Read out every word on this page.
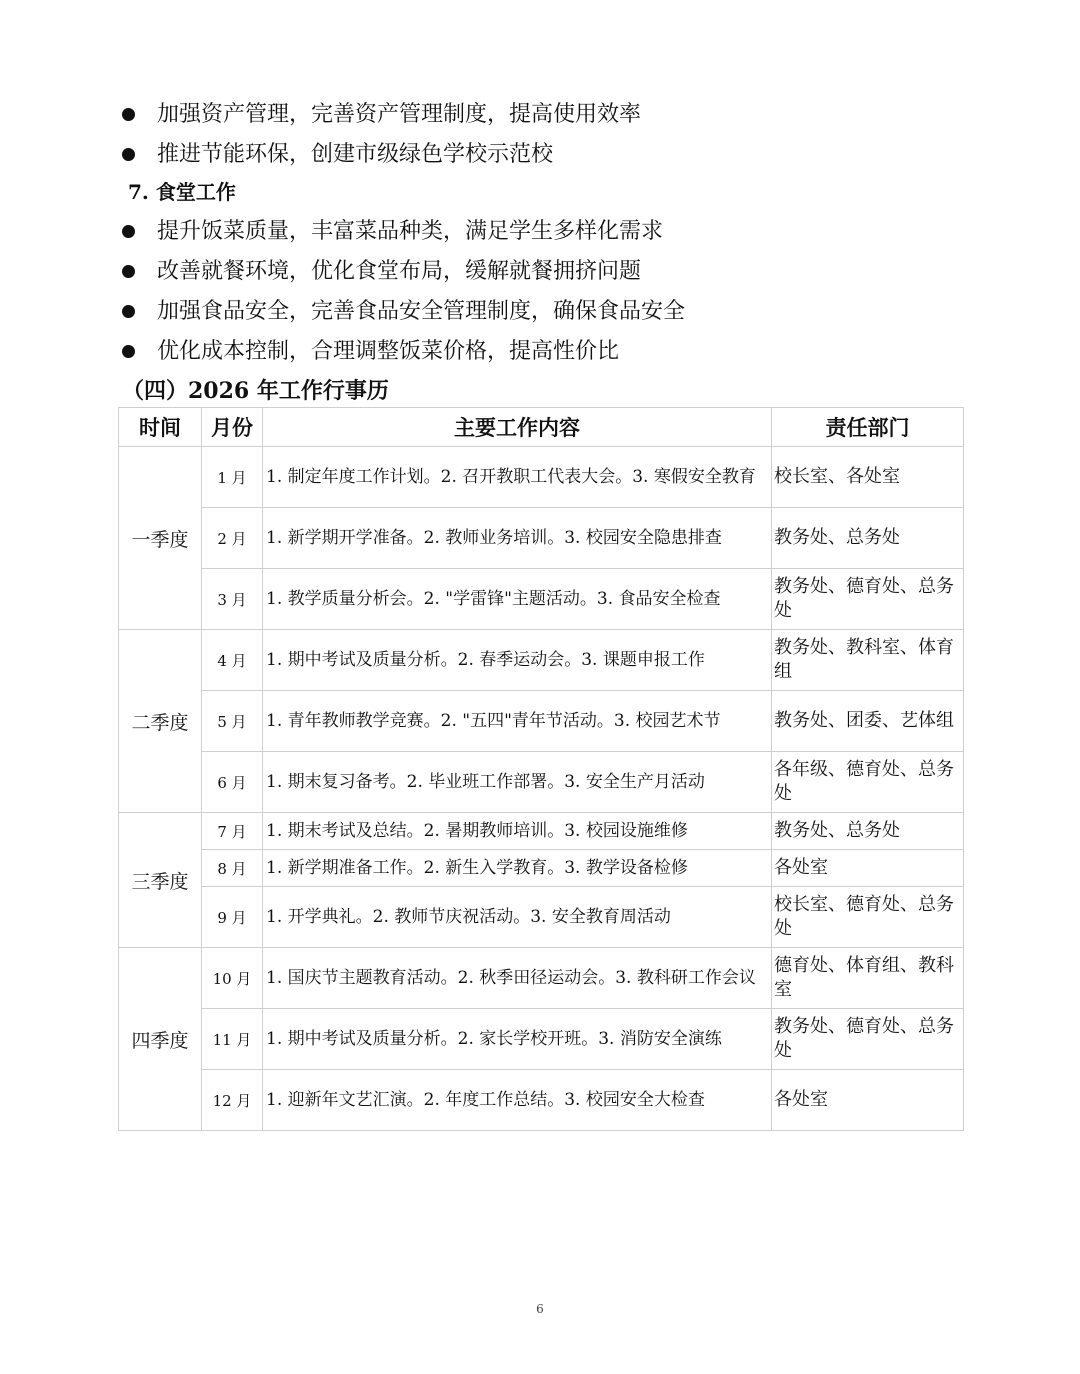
加强资产管理，完善资产管理制度，提高使用效率
推进节能环保，创建市级绿色学校示范校
7. 食堂工作
提升饭菜质量，丰富菜品种类，满足学生多样化需求
改善就餐环境，优化食堂布局，缓解就餐拥挤问题
加强食品安全，完善食品安全管理制度，确保食品安全
优化成本控制，合理调整饭菜价格，提高性价比
（四）2026 年工作行事历
时间	月份	主要工作内容	责任部门
一季度	1 月	1. 制定年度工作计划。2. 召开教职工代表大会。3. 寒假安全教育	校长室、各处室
	2 月	1. 新学期开学准备。2. 教师业务培训。3. 校园安全隐患排查	教务处、总务处
	3 月	1. 教学质量分析会。2. "学雷锋"主题活动。3. 食品安全检查	教务处、德育处、总务处
二季度	4 月	1. 期中考试及质量分析。2. 春季运动会。3. 课题申报工作	教务处、教科室、体育组
	5 月	1. 青年教师教学竞赛。2. "五四"青年节活动。3. 校园艺术节	教务处、团委、艺体组
	6 月	1. 期末复习备考。2. 毕业班工作部署。3. 安全生产月活动	各年级、德育处、总务处
三季度	7 月	1. 期末考试及总结。2. 暑期教师培训。3. 校园设施维修	教务处、总务处
	8 月	1. 新学期准备工作。2. 新生入学教育。3. 教学设备检修	各处室
	9 月	1. 开学典礼。2. 教师节庆祝活动。3. 安全教育周活动	校长室、德育处、总务处
四季度	10 月	1. 国庆节主题教育活动。2. 秋季田径运动会。3. 教科研工作会议	德育处、体育组、教科室
	11 月	1. 期中考试及质量分析。2. 家长学校开班。3. 消防安全演练	教务处、德育处、总务处
	12 月	1. 迎新年文艺汇演。2. 年度工作总结。3. 校园安全大检查	各处室
6
